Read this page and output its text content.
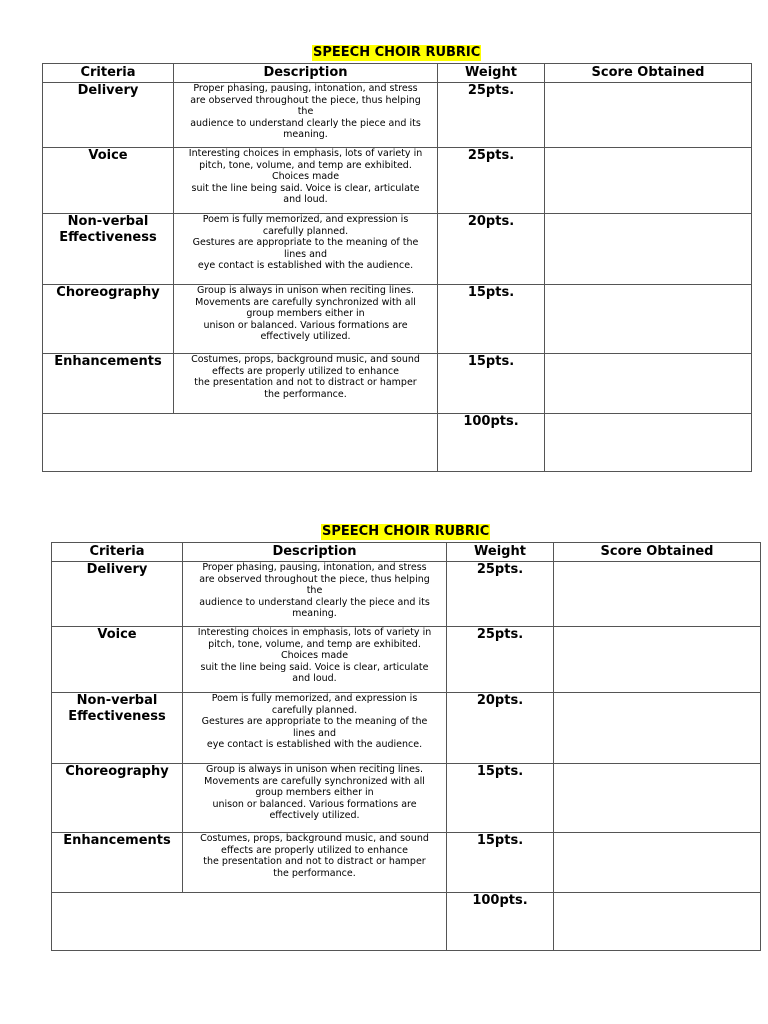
SPEECH CHOIR RUBRIC
Criteria	Description	Weight	Score Obtained
Delivery	Proper phasing, pausing, intonation, and stress
are observed throughout the piece, thus helping
the
audience to understand clearly the piece and its
meaning.	25pts.	
Voice	Interesting choices in emphasis, lots of variety in
pitch, tone, volume, and temp are exhibited.
Choices made
suit the line being said. Voice is clear, articulate
and loud.	25pts.	
Non-verbal
Effectiveness	Poem is fully memorized, and expression is
carefully planned.
Gestures are appropriate to the meaning of the
lines and
eye contact is established with the audience.	20pts.	
Choreography	Group is always in unison when reciting lines.
Movements are carefully synchronized with all
group members either in
unison or balanced. Various formations are
effectively utilized.	15pts.	
Enhancements	Costumes, props, background music, and sound
effects are properly utilized to enhance
the presentation and not to distract or hamper
the performance.	15pts.	
		100pts.	
SPEECH CHOIR RUBRIC
Criteria	Description	Weight	Score Obtained
Delivery	Proper phasing, pausing, intonation, and stress
are observed throughout the piece, thus helping
the
audience to understand clearly the piece and its
meaning.	25pts.	
Voice	Interesting choices in emphasis, lots of variety in
pitch, tone, volume, and temp are exhibited.
Choices made
suit the line being said. Voice is clear, articulate
and loud.	25pts.	
Non-verbal
Effectiveness	Poem is fully memorized, and expression is
carefully planned.
Gestures are appropriate to the meaning of the
lines and
eye contact is established with the audience.	20pts.	
Choreography	Group is always in unison when reciting lines.
Movements are carefully synchronized with all
group members either in
unison or balanced. Various formations are
effectively utilized.	15pts.	
Enhancements	Costumes, props, background music, and sound
effects are properly utilized to enhance
the presentation and not to distract or hamper
the performance.	15pts.	
		100pts.	
